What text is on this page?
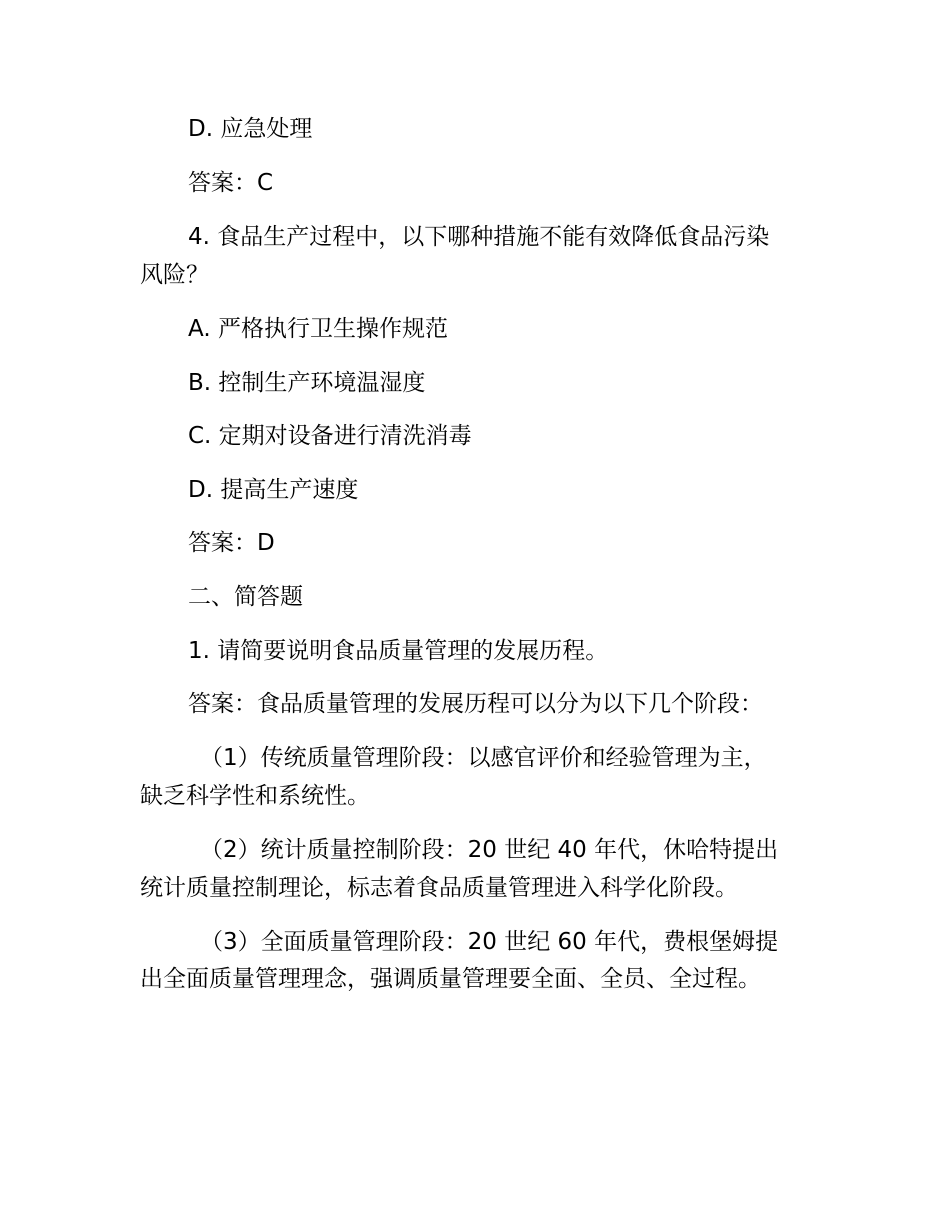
D. 应急处理
答案：C
4. 食品生产过程中，以下哪种措施不能有效降低食品污染
风险？
A. 严格执行卫生操作规范
B. 控制生产环境温湿度
C. 定期对设备进行清洗消毒
D. 提高生产速度
答案：D
二、简答题
1. 请简要说明食品质量管理的发展历程。
答案：食品质量管理的发展历程可以分为以下几个阶段：
（1）传统质量管理阶段：以感官评价和经验管理为主，
缺乏科学性和系统性。
（2）统计质量控制阶段：20 世纪 40 年代，休哈特提出
统计质量控制理论，标志着食品质量管理进入科学化阶段。
（3）全面质量管理阶段：20 世纪 60 年代，费根堡姆提
出全面质量管理理念，强调质量管理要全面、全员、全过程。
